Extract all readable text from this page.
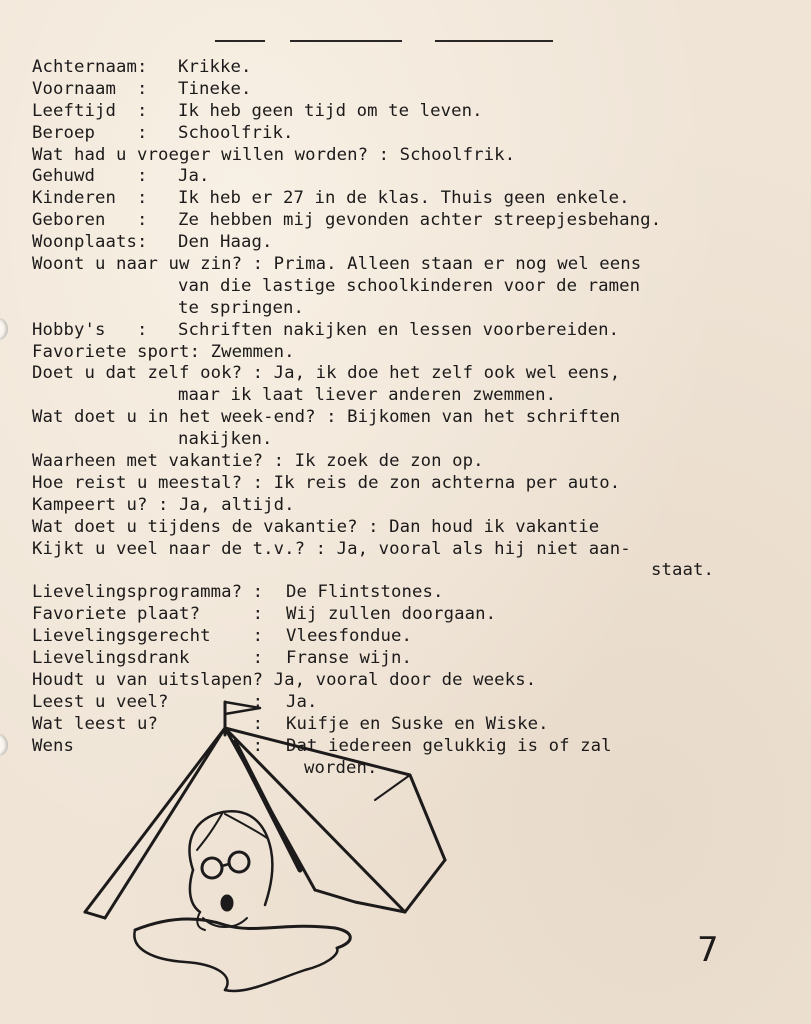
Achternaam: Krikke.
Voornaam  : Tineke.
Leeftijd  : Ik heb geen tijd om te leven.
Beroep    : Schoolfrik.
Wat had u vroeger willen worden? : Schoolfrik.
Gehuwd    : Ja.
Kinderen  : Ik heb er 27 in de klas. Thuis geen enkele.
Geboren   : Ze hebben mij gevonden achter streepjesbehang.
Woonplaats: Den Haag.
Woont u naar uw zin? : Prima. Alleen staan er nog wel eens
van die lastige schoolkinderen voor de ramen
te springen.
Hobby's   : Schriften nakijken en lessen voorbereiden.
Favoriete sport: Zwemmen.
Doet u dat zelf ook? : Ja, ik doe het zelf ook wel eens,
maar ik laat liever anderen zwemmen.
Wat doet u in het week-end? : Bijkomen van het schriften
nakijken.
Waarheen met vakantie? : Ik zoek de zon op.
Hoe reist u meestal? : Ik reis de zon achterna per auto.
Kampeert u? : Ja, altijd.
Wat doet u tijdens de vakantie? : Dan houd ik vakantie
Kijkt u veel naar de t.v.? : Ja, vooral als hij niet aan-
staat.
Lievelingsprogramma? : De Flintstones.
Favoriete plaat?     : Wij zullen doorgaan.
Lievelingsgerecht    : Vleesfondue.
Lievelingsdrank      : Franse wijn.
Houdt u van uitslapen? Ja, vooral door de weeks.
Leest u veel?        : Ja.
Wat leest u?         : Kuifje en Suske en Wiske.
Wens                 : Dat iedereen gelukkig is of zal
worden.
7
